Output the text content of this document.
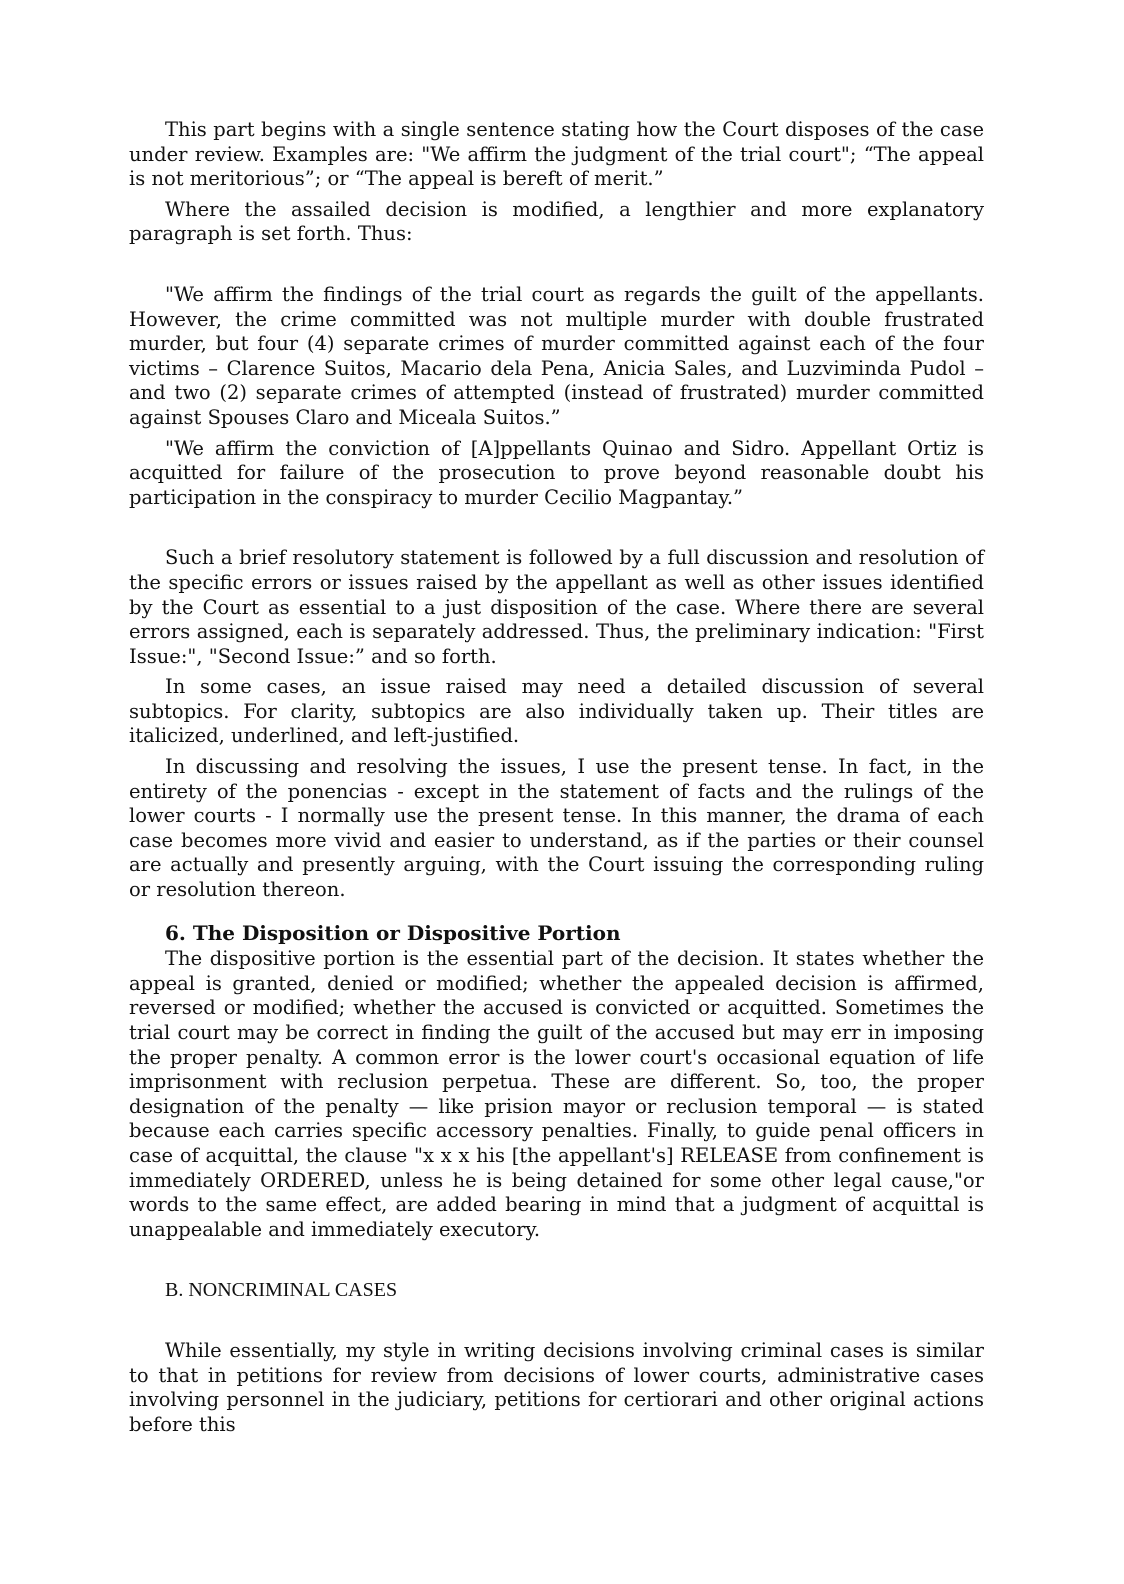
This part begins with a single sentence stating how the Court disposes of the case under review. Examples are: "We affirm the judgment of the trial court"; “The appeal is not meritorious”; or “The appeal is bereft of merit.”

Where the assailed decision is modified, a lengthier and more explanatory paragraph is set forth. Thus:

"We affirm the findings of the trial court as regards the guilt of the appellants. However, the crime committed was not multiple murder with double frustrated murder, but four (4) separate crimes of murder committed against each of the four victims – Clarence Suitos, Macario dela Pena, Anicia Sales, and Luzviminda Pudol – and two (2) separate crimes of attempted (instead of frustrated) murder committed against Spouses Claro and Miceala Suitos.”

"We affirm the conviction of [A]ppellants Quinao and Sidro. Appellant Ortiz is acquitted for failure of the prosecution to prove beyond reasonable doubt his participation in the conspiracy to murder Cecilio Magpantay.”

Such a brief resolutory statement is followed by a full discussion and resolution of the specific errors or issues raised by the appellant as well as other issues identified by the Court as essential to a just disposition of the case. Where there are several errors assigned, each is separately addressed. Thus, the preliminary indication: "First Issue:", "Second Issue:” and so forth.

In some cases, an issue raised may need a detailed discussion of several subtopics. For clarity, subtopics are also individually taken up. Their titles are italicized, underlined, and left-justified.

In discussing and resolving the issues, I use the present tense. In fact, in the entirety of the ponencias - except in the statement of facts and the rulings of the lower courts - I normally use the present tense. In this manner, the drama of each case becomes more vivid and easier to understand, as if the parties or their counsel are actually and presently arguing, with the Court issuing the corresponding ruling or resolution thereon.

6. The Disposition or Dispositive Portion

The dispositive portion is the essential part of the decision. It states whether the appeal is granted, denied or modified; whether the appealed decision is affirmed, reversed or modified; whether the accused is convicted or acquitted. Sometimes the trial court may be correct in finding the guilt of the accused but may err in imposing the proper penalty. A common error is the lower court's occasional equation of life imprisonment with reclusion perpetua. These are different. So, too, the proper designation of the penalty — like prision mayor or reclusion temporal — is stated because each carries specific accessory penalties. Finally, to guide penal officers in case of acquittal, the clause "x x x his [the appellant's] RELEASE from confinement is immediately ORDERED, unless he is being detained for some other legal cause,"or words to the same effect, are added bearing in mind that a judgment of acquittal is unappealable and immediately executory.

B. NONCRIMINAL CASES

While essentially, my style in writing decisions involving criminal cases is similar to that in petitions for review from decisions of lower courts, administrative cases involving personnel in the judiciary, petitions for certiorari and other original actions before this
